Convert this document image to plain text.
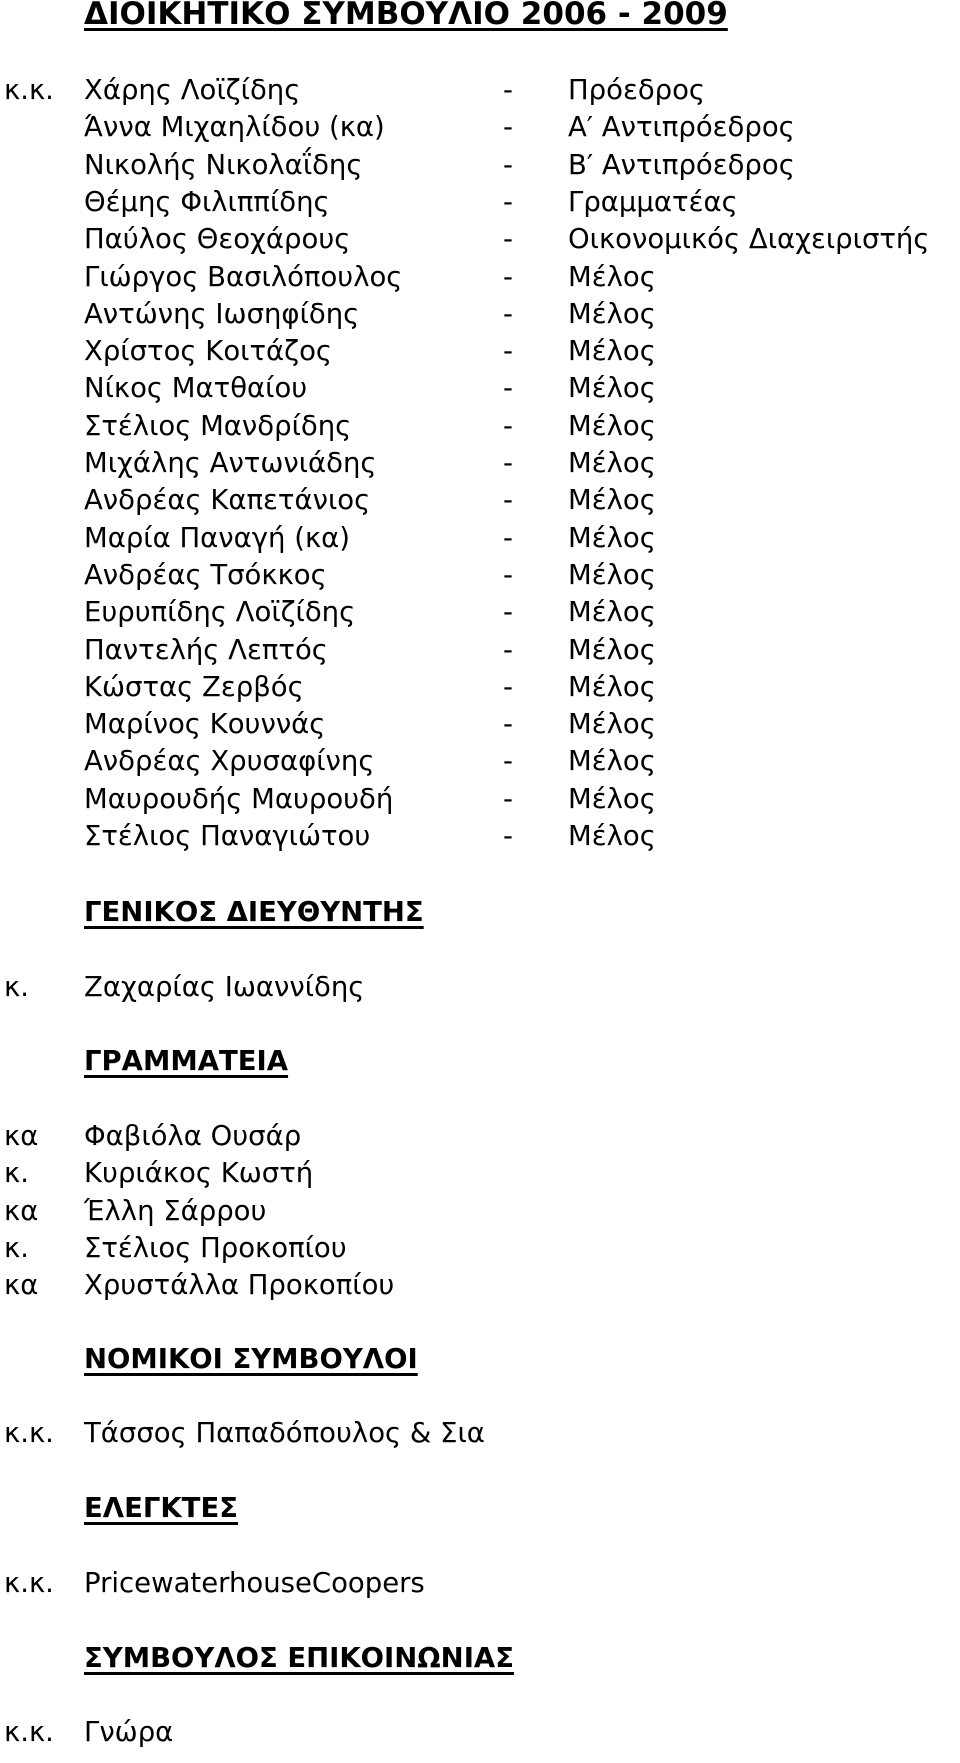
ΔΙΟΙΚΗΤΙΚΟ ΣΥΜΒΟΥΛΙΟ 2006 - 2009
κ.κ. Χάρης Λοϊζίδης	- Πρόεδρος
Άννα Μιχαηλίδου (κα)	- Α′ Αντιπρόεδρος
Νικολής Νικολαΐδης	- Β′ Αντιπρόεδρος
Θέμης Φιλιππίδης	- Γραμματέας
Παύλος Θεοχάρους	- Οικονομικός Διαχειριστής
Γιώργος Βασιλόπουλος	- Μέλος
Αντώνης Ιωσηφίδης	- Μέλος
Χρίστος Κοιτάζος	- Μέλος
Νίκος Ματθαίου	- Μέλος
Στέλιος Μανδρίδης	- Μέλος
Μιχάλης Αντωνιάδης	- Μέλος
Ανδρέας Καπετάνιος	- Μέλος
Μαρία Παναγή (κα)	- Μέλος
Ανδρέας Τσόκκος	- Μέλος
Ευρυπίδης Λοϊζίδης	- Μέλος
Παντελής Λεπτός	- Μέλος
Κώστας Ζερβός	- Μέλος
Μαρίνος Κουννάς	- Μέλος
Ανδρέας Χρυσαφίνης	- Μέλος
Μαυρουδής Μαυρουδή	- Μέλος
Στέλιος Παναγιώτου	- Μέλος
ΓΕΝΙΚΟΣ ΔΙΕΥΘΥΝΤΗΣ
κ. Ζαχαρίας Ιωαννίδης
ΓΡΑΜΜΑΤΕΙΑ
κα Φαβιόλα Ουσάρ
κ. Κυριάκος Κωστή
κα Έλλη Σάρρου
κ. Στέλιος Προκοπίου
κα Χρυστάλλα Προκοπίου
ΝΟΜΙΚΟΙ ΣΥΜΒΟΥΛΟΙ
κ.κ. Τάσσος Παπαδόπουλος & Σια
ΕΛΕΓΚΤΕΣ
κ.κ. PricewaterhouseCoopers
ΣΥΜΒΟΥΛΟΣ ΕΠΙΚΟΙΝΩΝΙΑΣ
κ.κ. Γνώρα
